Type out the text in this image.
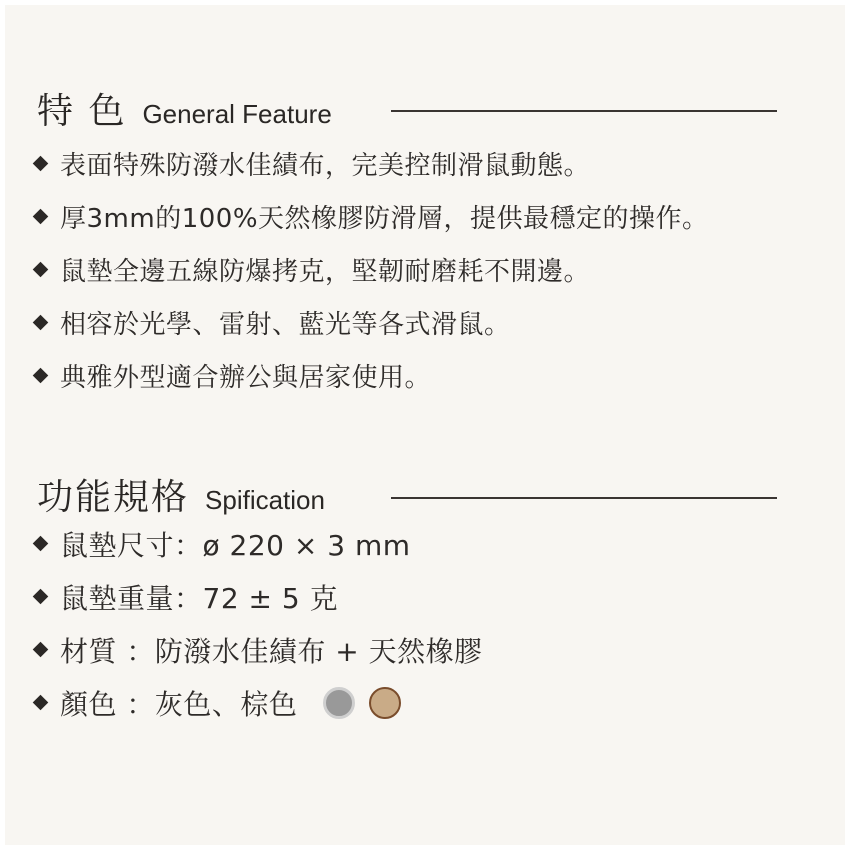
特 色 General Feature
表面特殊防潑水佳績布，完美控制滑鼠動態。
厚3mm的100%天然橡膠防滑層，提供最穩定的操作。
鼠墊全邊五線防爆拷克，堅韌耐磨耗不開邊。
相容於光學、雷射、藍光等各式滑鼠。
典雅外型適合辦公與居家使用。
功能規格 Spification
鼠墊尺寸：ø 220 × 3 mm
鼠墊重量：72 ± 5 克
材質 ：防潑水佳績布 + 天然橡膠
顏色 ：灰色、棕色
